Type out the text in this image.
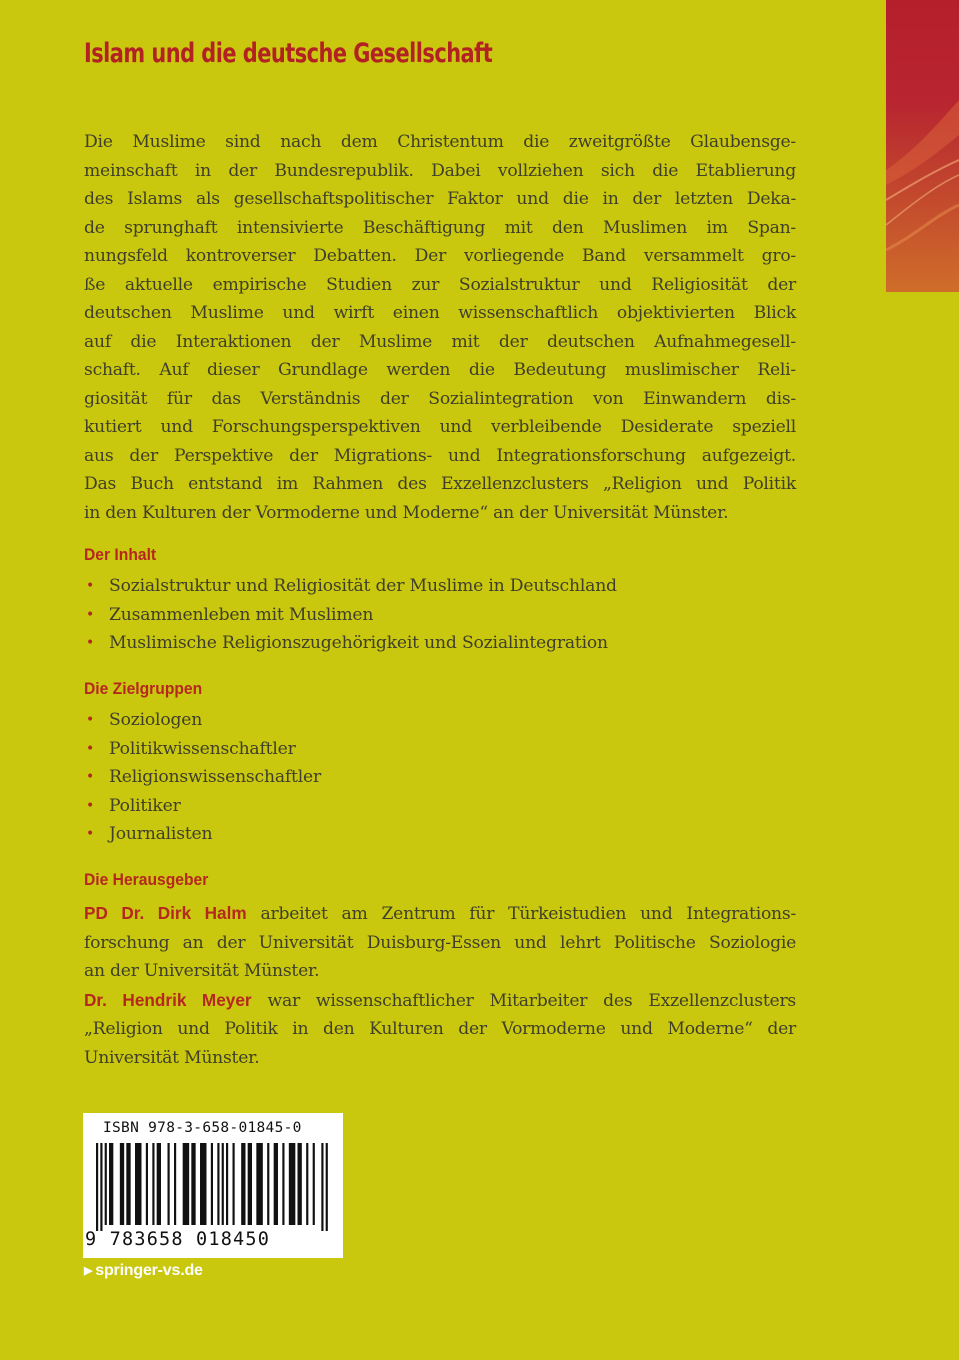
Islam und die deutsche Gesellschaft

Die Muslime sind nach dem Christentum die zweitgrößte Glaubensge-
meinschaft in der Bundesrepublik. Dabei vollziehen sich die Etablierung
des Islams als gesellschaftspolitischer Faktor und die in der letzten Deka-
de sprunghaft intensivierte Beschäftigung mit den Muslimen im Span-
nungsfeld kontroverser Debatten. Der vorliegende Band versammelt gro-
ße aktuelle empirische Studien zur Sozialstruktur und Religiosität der
deutschen Muslime und wirft einen wissenschaftlich objektivierten Blick
auf die Interaktionen der Muslime mit der deutschen Aufnahmegesell-
schaft. Auf dieser Grundlage werden die Bedeutung muslimischer Reli-
giosität für das Verständnis der Sozialintegration von Einwandern dis-
kutiert und Forschungsperspektiven und verbleibende Desiderate speziell
aus der Perspektive der Migrations- und Integrationsforschung aufgezeigt.
Das Buch entstand im Rahmen des Exzellenzclusters „Religion und Politik
in den Kulturen der Vormoderne und Moderne“ an der Universität Münster.

Der Inhalt
• Sozialstruktur und Religiosität der Muslime in Deutschland
• Zusammenleben mit Muslimen
• Muslimische Religionszugehörigkeit und Sozialintegration
Die Zielgruppen
• Soziologen
• Politikwissenschaftler
• Religionswissenschaftler
• Politiker
• Journalisten
Die Herausgeber
PD Dr. Dirk Halm arbeitet am Zentrum für Türkeistudien und Integrations-
forschung an der Universität Duisburg-Essen und lehrt Politische Soziologie
an der Universität Münster.
Dr. Hendrik Meyer war wissenschaftlicher Mitarbeiter des Exzellenzclusters
„Religion und Politik in den Kulturen der Vormoderne und Moderne“ der
Universität Münster.

ISBN 978-3-658-01845-0

9 783658 018450

▶ springer-vs.de
